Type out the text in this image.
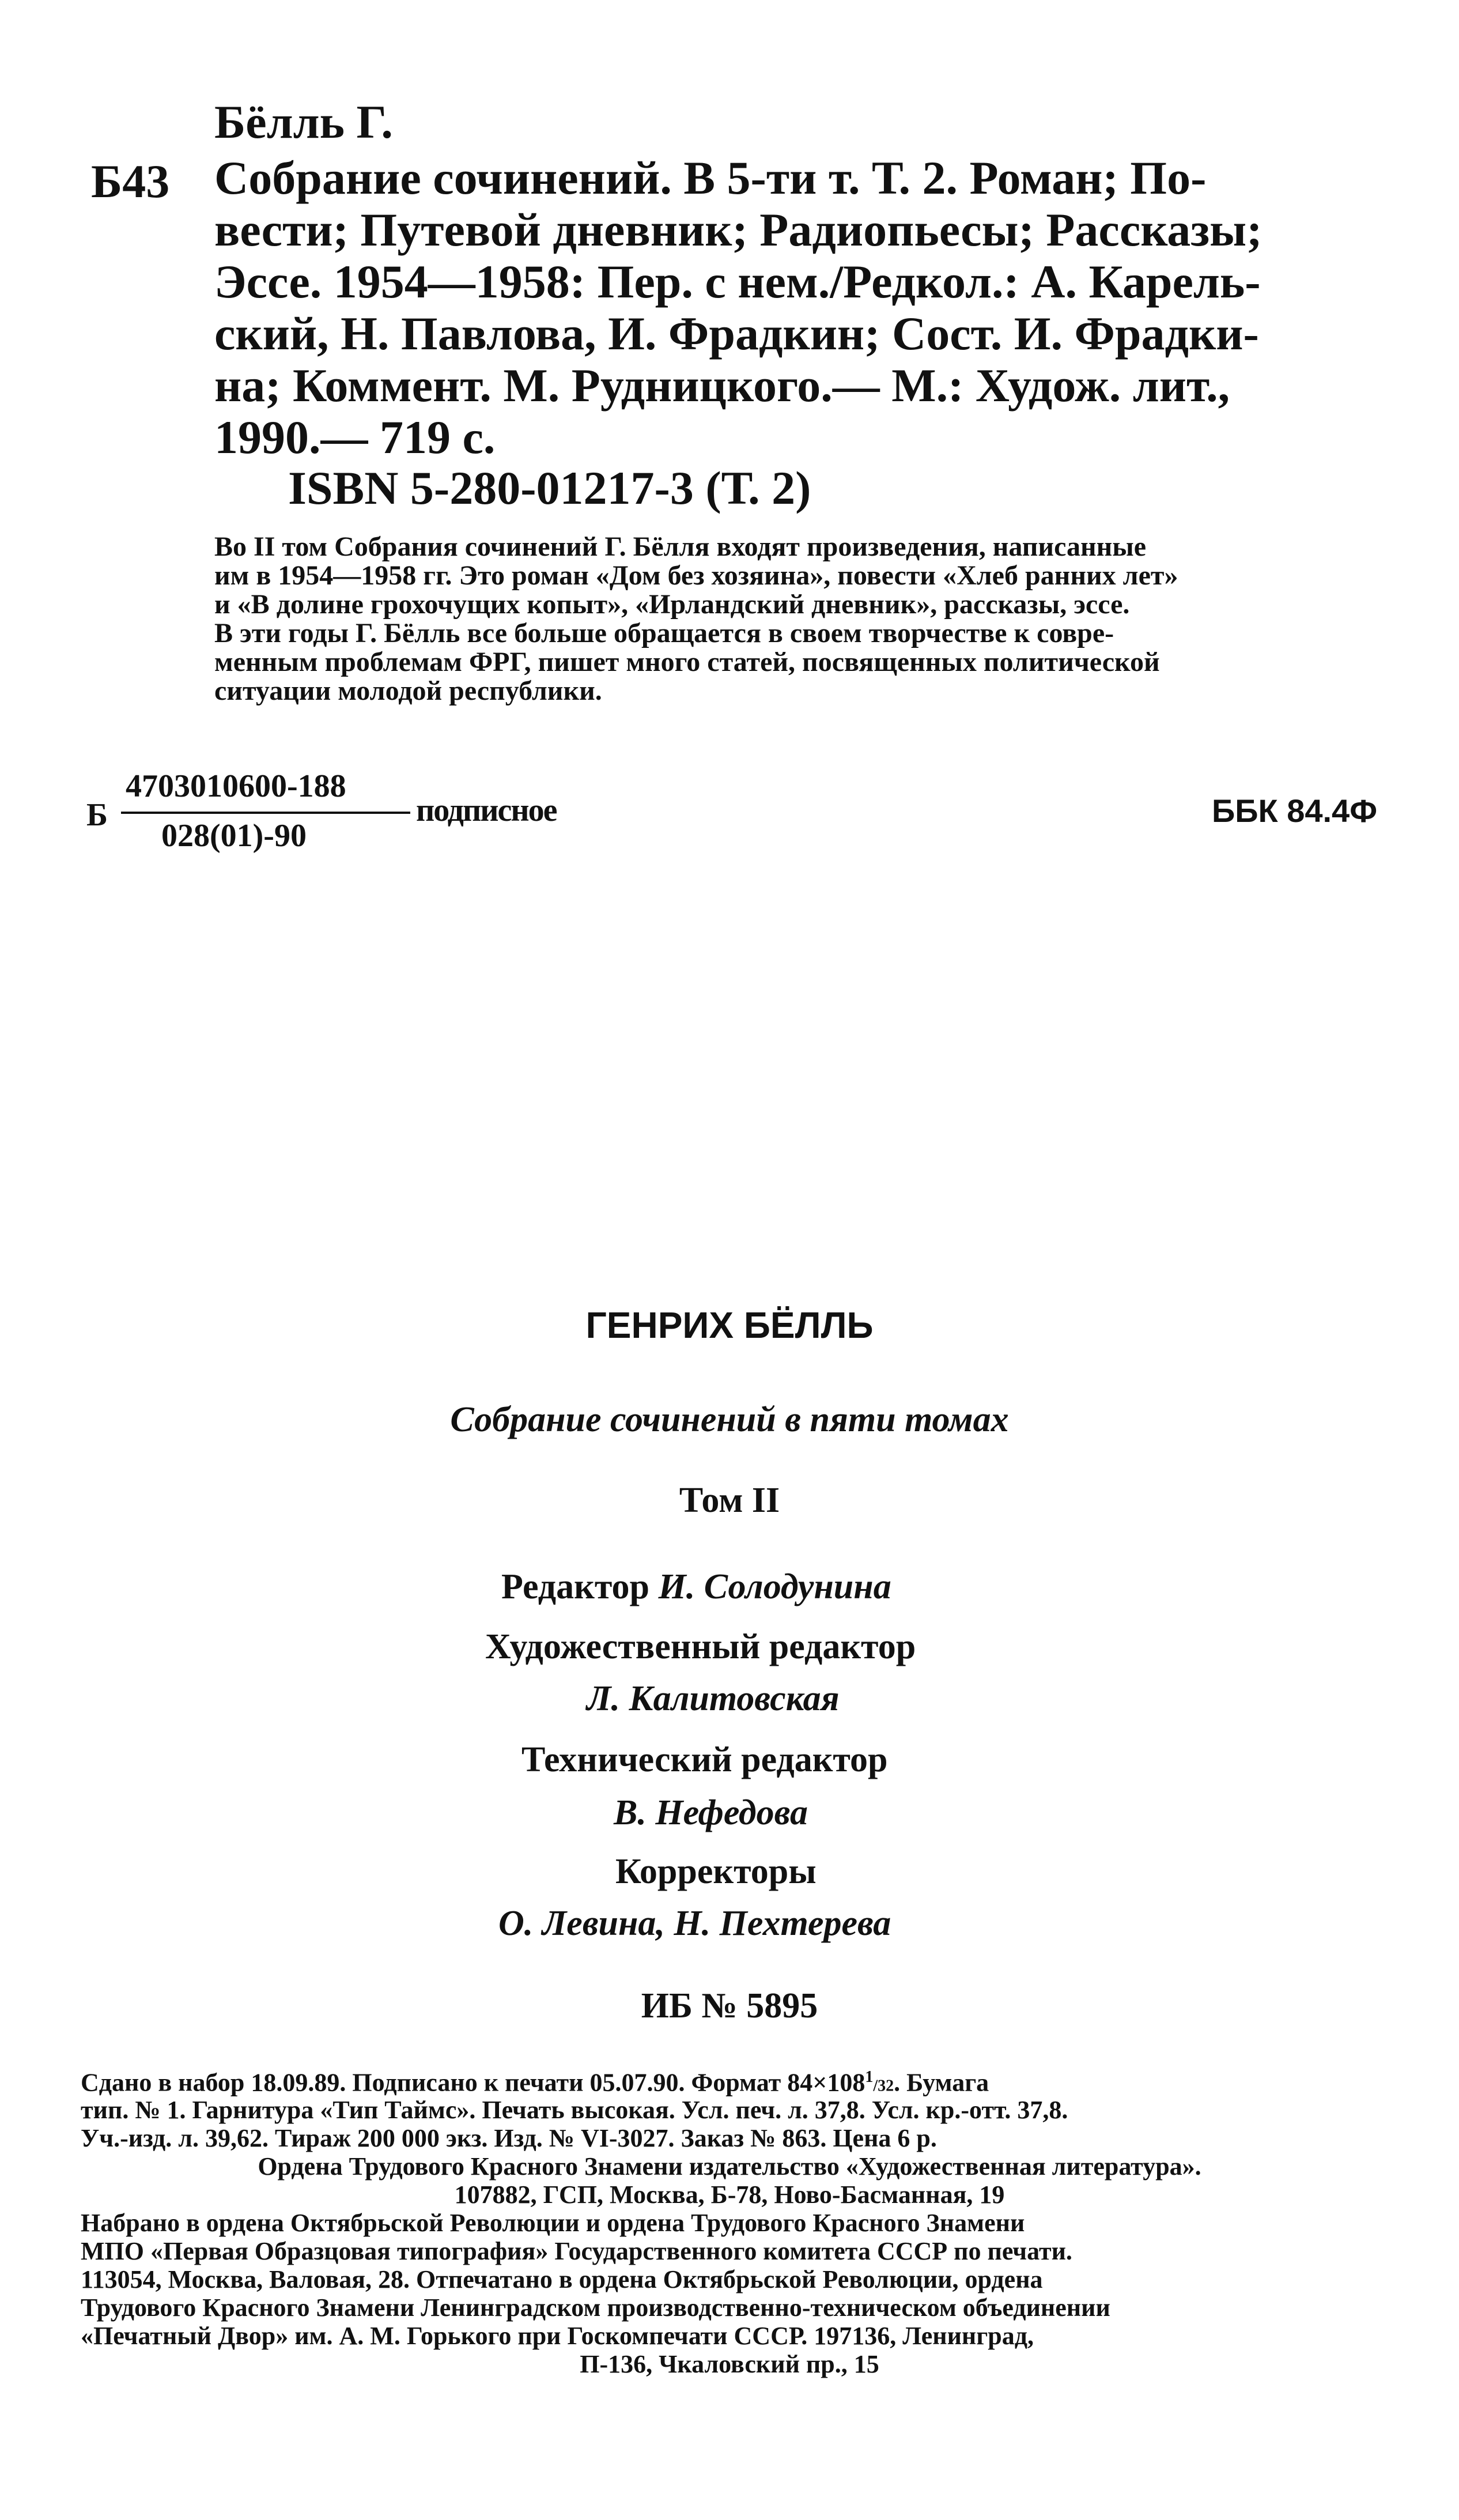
Бёлль Г.
Б43 Собрание сочинений. В 5-ти т. Т. 2. Роман; По-
вести; Путевой дневник; Радиопьесы; Рассказы;
Эссе. 1954—1958: Пер. с нем./Редкол.: А. Карель-
ский, Н. Павлова, И. Фрадкин; Сост. И. Фрадки-
на; Коммент. М. Рудницкого.— М.: Худож. лит.,
1990.— 719 с.
ISBN 5-280-01217-3 (Т. 2)
Во II том Собрания сочинений Г. Бёлля входят произведения, написанные
им в 1954—1958 гг. Это роман «Дом без хозяина», повести «Хлеб ранних лет»
и «В долине грохочущих копыт», «Ирландский дневник», рассказы, эссе.
В эти годы Г. Бёлль все больше обращается в своем творчестве к совре-
менным проблемам ФРГ, пишет много статей, посвященных политической
ситуации молодой республики.
Б
4703010600-188
028(01)-90
подписное	ББК 84.4Ф
ГЕНРИХ БЁЛЛЬ
Собрание сочинений в пяти томах
Том II
Редактор И. Солодунина
Художественный редактор
Л. Калитовская
Технический редактор
В. Нефедова
Корректоры
О. Левина, Н. Пехтерева
ИБ № 5895
Сдано в набор 18.09.89. Подписано к печати 05.07.90. Формат $84\times 108^1/32$. Бумага
тип. № 1. Гарнитура «Тип Таймс». Печать высокая. Усл. печ. л. 37,8. Усл. кр.-отт. 37,8.
Уч.-изд. л. 39,62. Тираж 200 000 экз. Изд. № VI-3027. Заказ № 863. Цена 6 р.
Ордена Трудового Красного Знамени издательство «Художественная литература».
107882, ГСП, Москва, Б-78, Ново-Басманная, 19
Набрано в ордена Октябрьской Революции и ордена Трудового Красного Знамени
МПО «Первая Образцовая типография» Государственного комитета СССР по печати.
113054, Москва, Валовая, 28. Отпечатано в ордена Октябрьской Революции, ордена
Трудового Красного Знамени Ленинградском производственно-техническом объединении
«Печатный Двор» им. А. М. Горького при Госкомпечати СССР. 197136, Ленинград,
П-136, Чкаловский пр., 15
